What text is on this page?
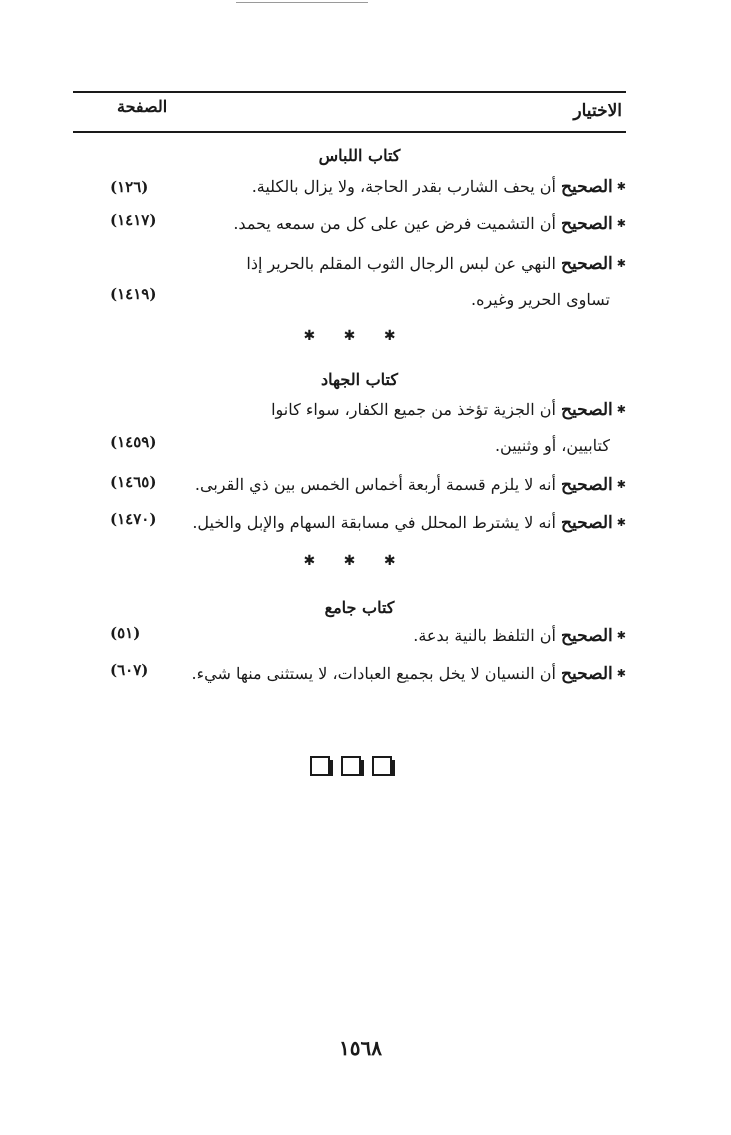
الاختيار
الصفحة
كتاب اللباس
✱الصحيح أن يحف الشارب بقدر الحاجة، ولا يزال بالكلية.
(١٢٦)
✱الصحيح أن التشميت فرض عين على كل من سمعه يحمد.
(١٤١٧)
✱الصحيح النهي عن لبس الرجال الثوب المقلم بالحرير إذا
تساوى الحرير وغيره.
(١٤١٩)
✱ ✱ ✱
كتاب الجهاد
✱الصحيح أن الجزية تؤخذ من جميع الكفار، سواء كانوا
كتابيين، أو وثنيين.
(١٤٥٩)
✱الصحيح أنه لا يلزم قسمة أربعة أخماس الخمس بين ذي القربى.
(١٤٦٥)
✱الصحيح أنه لا يشترط المحلل في مسابقة السهام والإبل والخيل.
(١٤٧٠)
✱ ✱ ✱
كتاب جامع
✱الصحيح أن التلفظ بالنية بدعة.
(٥١)
✱الصحيح أن النسيان لا يخل بجميع العبادات، لا يستثنى منها شيء.
(٦٠٧)
١٥٦٨
